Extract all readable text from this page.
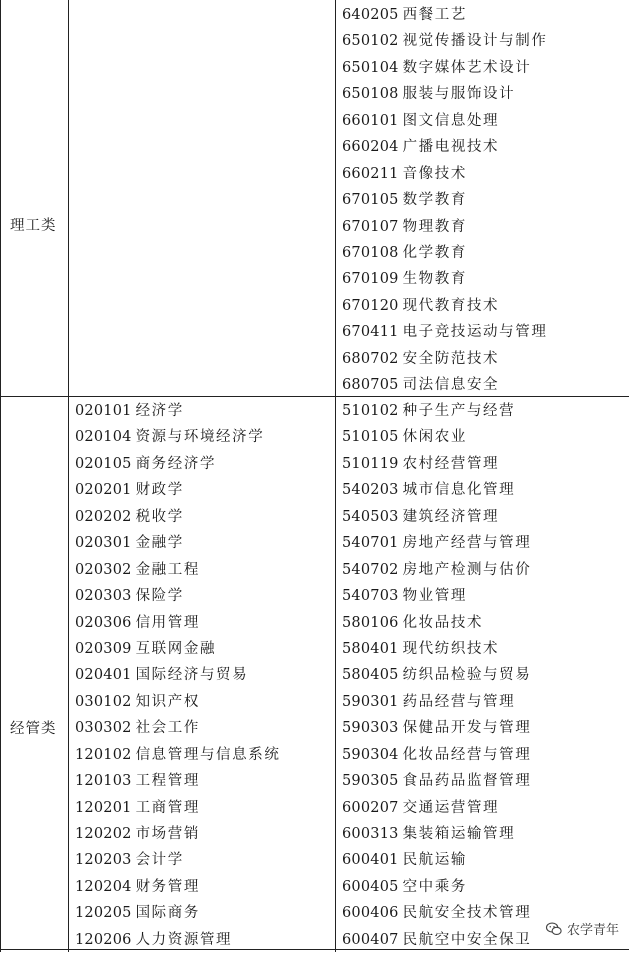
理工类
640205 西餐工艺
650102 视觉传播设计与制作
650104 数字媒体艺术设计
650108 服装与服饰设计
660101 图文信息处理
660204 广播电视技术
660211 音像技术
670105 数学教育
670107 物理教育
670108 化学教育
670109 生物教育
670120 现代教育技术
670411 电子竞技运动与管理
680702 安全防范技术
680705 司法信息安全
经管类
020101 经济学
020104 资源与环境经济学
020105 商务经济学
020201 财政学
020202 税收学
020301 金融学
020302 金融工程
020303 保险学
020306 信用管理
020309 互联网金融
020401 国际经济与贸易
030102 知识产权
030302 社会工作
120102 信息管理与信息系统
120103 工程管理
120201 工商管理
120202 市场营销
120203 会计学
120204 财务管理
120205 国际商务
120206 人力资源管理
510102 种子生产与经营
510105 休闲农业
510119 农村经营管理
540203 城市信息化管理
540503 建筑经济管理
540701 房地产经营与管理
540702 房地产检测与估价
540703 物业管理
580106 化妆品技术
580401 现代纺织技术
580405 纺织品检验与贸易
590301 药品经营与管理
590303 保健品开发与管理
590304 化妆品经营与管理
590305 食品药品监督管理
600207 交通运营管理
600313 集装箱运输管理
600401 民航运输
600405 空中乘务
600406 民航安全技术管理
600407 民航空中安全保卫
农学青年
